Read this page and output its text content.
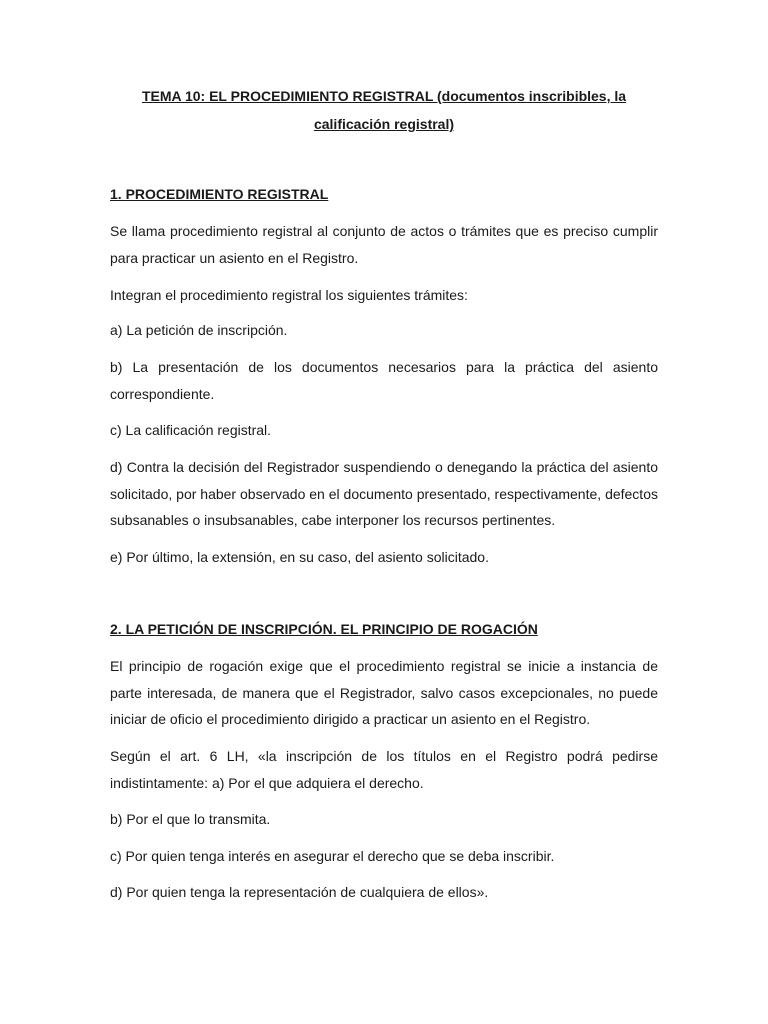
TEMA 10: EL PROCEDIMIENTO REGISTRAL (documentos inscribibles, la calificación registral)
1. PROCEDIMIENTO REGISTRAL
Se llama procedimiento registral al conjunto de actos o trámites que es preciso cumplir para practicar un asiento en el Registro.
Integran el procedimiento registral los siguientes trámites:
a) La petición de inscripción.
b) La presentación de los documentos necesarios para la práctica del asiento correspondiente.
c) La calificación registral.
d) Contra la decisión del Registrador suspendiendo o denegando la práctica del asiento solicitado, por haber observado en el documento presentado, respectivamente, defectos subsanables o insubsanables, cabe interponer los recursos pertinentes.
e) Por último, la extensión, en su caso, del asiento solicitado.
2. LA PETICIÓN DE INSCRIPCIÓN. EL PRINCIPIO DE ROGACIÓN
El principio de rogación exige que el procedimiento registral se inicie a instancia de parte interesada, de manera que el Registrador, salvo casos excepcionales, no puede iniciar de oficio el procedimiento dirigido a practicar un asiento en el Registro.
Según el art. 6 LH, «la inscripción de los títulos en el Registro podrá pedirse indistintamente: a) Por el que adquiera el derecho.
b) Por el que lo transmita.
c) Por quien tenga interés en asegurar el derecho que se deba inscribir.
d) Por quien tenga la representación de cualquiera de ellos».
